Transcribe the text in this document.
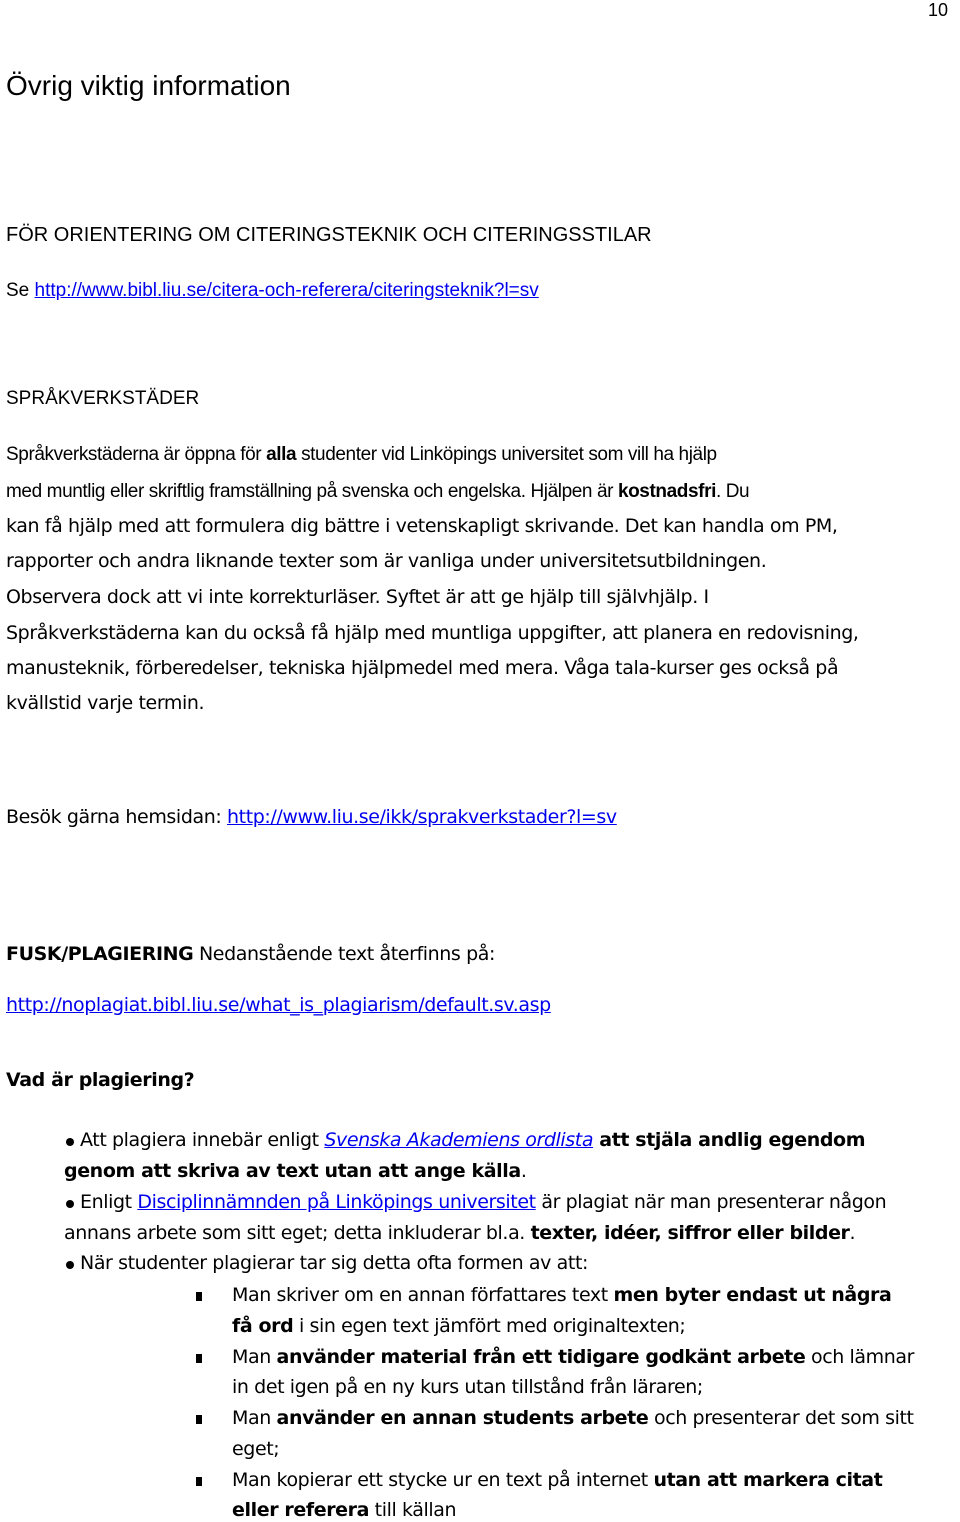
10
Övrig viktig information
FÖR ORIENTERING OM CITERINGSTEKNIK OCH CITERINGSSTILAR
Se http://www.bibl.liu.se/citera-och-referera/citeringsteknik?l=sv
SPRÅKVERKSTÄDER
Språkverkstäderna är öppna för alla studenter vid Linköpings universitet som vill ha hjälp
med muntlig eller skriftlig framställning på svenska och engelska. Hjälpen är kostnadsfri. Du
kan få hjälp med att formulera dig bättre i vetenskapligt skrivande. Det kan handla om PM,
rapporter och andra liknande texter som är vanliga under universitetsutbildningen.
Observera dock att vi inte korrekturläser. Syftet är att ge hjälp till självhjälp. I
Språkverkstäderna kan du också få hjälp med muntliga uppgifter, att planera en redovisning,
manusteknik, förberedelser, tekniska hjälpmedel med mera. Våga tala-kurser ges också på
kvällstid varje termin.
Besök gärna hemsidan: http://www.liu.se/ikk/sprakverkstader?l=sv
FUSK/PLAGIERING Nedanstående text återfinns på:
http://noplagiat.bibl.liu.se/what_is_plagiarism/default.sv.asp
Vad är plagiering?
Att plagiera innebär enligt Svenska Akademiens ordlista att stjäla andlig egendom
genom att skriva av text utan att ange källa.
Enligt Disciplinnämnden på Linköpings universitet är plagiat när man presenterar någon
annans arbete som sitt eget; detta inkluderar bl.a. texter, idéer, siffror eller bilder.
När studenter plagierar tar sig detta ofta formen av att:
Man skriver om en annan författares text men byter endast ut några
få ord i sin egen text jämfört med originaltexten;
Man använder material från ett tidigare godkänt arbete och lämnar
in det igen på en ny kurs utan tillstånd från läraren;
Man använder en annan students arbete och presenterar det som sitt
eget;
Man kopierar ett stycke ur en text på internet utan att markera citat
eller referera till källan
